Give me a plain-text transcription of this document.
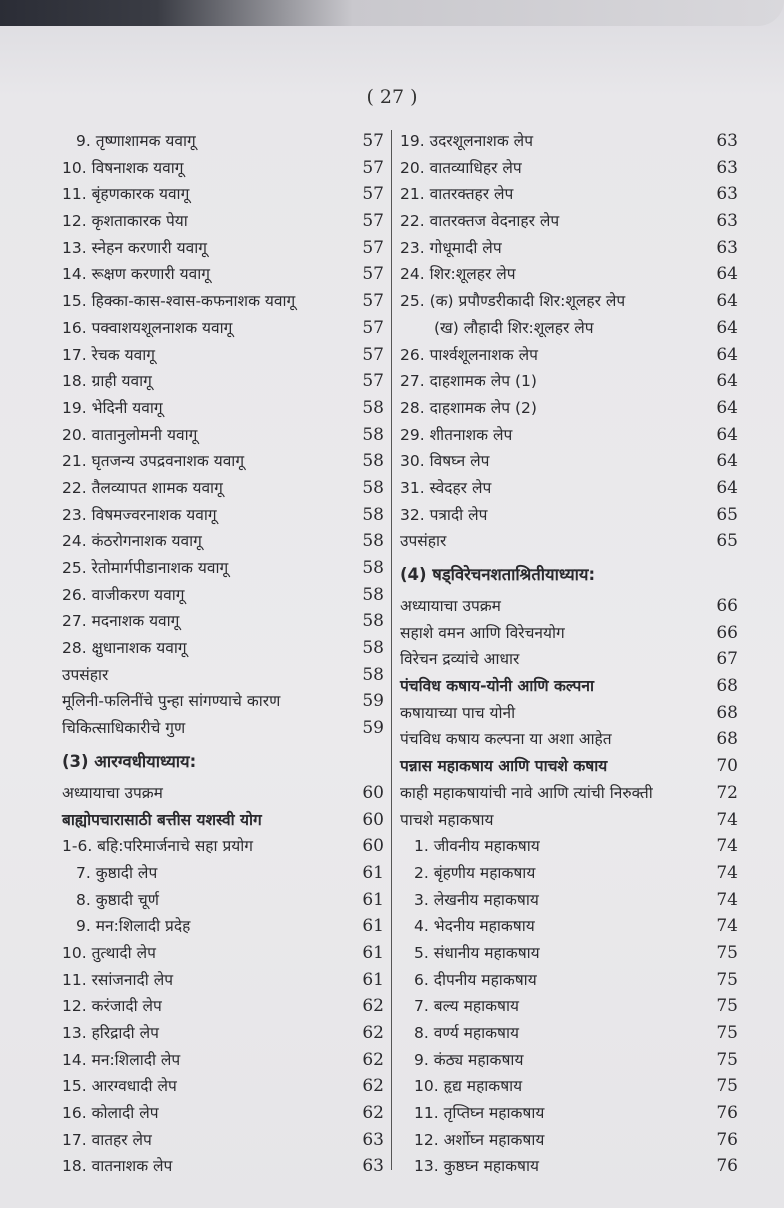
( 27 )
9. तृष्णाशामक यवागू	57
10. विषनाशक यवागू	57
11. बृंहणकारक यवागू	57
12. कृशताकारक पेया	57
13. स्नेहन करणारी यवागू	57
14. रूक्षण करणारी यवागू	57
15. हिक्का-कास-श्वास-कफनाशक यवागू	57
16. पक्वाशयशूलनाशक यवागू	57
17. रेचक यवागू	57
18. ग्राही यवागू	57
19. भेदिनी यवागू	58
20. वातानुलोमनी यवागू	58
21. घृतजन्य उपद्रवनाशक यवागू	58
22. तैलव्यापत शामक यवागू	58
23. विषमज्वरनाशक यवागू	58
24. कंठरोगनाशक यवागू	58
25. रेतोमार्गपीडानाशक यवागू	58
26. वाजीकरण यवागू	58
27. मदनाशक यवागू	58
28. क्षुधानाशक यवागू	58
उपसंहार	58
मूलिनी-फलिनींचे पुन्हा सांगण्याचे कारण	59
चिकित्साधिकारीचे गुण	59
(3) आरग्वधीयाध्याय:
अध्यायाचा उपक्रम	60
बाह्योपचारासाठी बत्तीस यशस्वी योग	60
1-6. बहि:परिमार्जनाचे सहा प्रयोग	60
7. कुष्ठादी लेप	61
8. कुष्ठादी चूर्ण	61
9. मन:शिलादी प्रदेह	61
10. तुत्थादी लेप	61
11. रसांजनादी लेप	61
12. करंजादी लेप	62
13. हरिद्रादी लेप	62
14. मन:शिलादी लेप	62
15. आरग्वधादी लेप	62
16. कोलादी लेप	62
17. वातहर लेप	63
18. वातनाशक लेप	63
19. उदरशूलनाशक लेप	63
20. वातव्याधिहर लेप	63
21. वातरक्तहर लेप	63
22. वातरक्तज वेदनाहर लेप	63
23. गोधूमादी लेप	63
24. शिर:शूलहर लेप	64
25. (क) प्रपौण्डरीकादी शिर:शूलहर लेप	64
(ख) लौहादी शिर:शूलहर लेप	64
26. पार्श्वशूलनाशक लेप	64
27. दाहशामक लेप (1)	64
28. दाहशामक लेप (2)	64
29. शीतनाशक लेप	64
30. विषघ्न लेप	64
31. स्वेदहर लेप	64
32. पत्रादी लेप	65
उपसंहार	65
(4) षड्विरेचनशताश्रितीयाध्याय:
अध्यायाचा उपक्रम	66
सहाशे वमन आणि विरेचनयोग	66
विरेचन द्रव्यांचे आधार	67
पंचविध कषाय-योनी आणि कल्पना	68
कषायाच्या पाच योनी	68
पंचविध कषाय कल्पना या अशा आहेत	68
पन्नास महाकषाय आणि पाचशे कषाय	70
काही महाकषायांची नावे आणि त्यांची निरुक्ती	72
पाचशे महाकषाय	74
1. जीवनीय महाकषाय	74
2. बृंहणीय महाकषाय	74
3. लेखनीय महाकषाय	74
4. भेदनीय महाकषाय	74
5. संधानीय महाकषाय	75
6. दीपनीय महाकषाय	75
7. बल्य महाकषाय	75
8. वर्ण्य महाकषाय	75
9. कंठ्य महाकषाय	75
10. हृद्य महाकषाय	75
11. तृप्तिघ्न महाकषाय	76
12. अर्शोघ्न महाकषाय	76
13. कुष्ठघ्न महाकषाय	76
